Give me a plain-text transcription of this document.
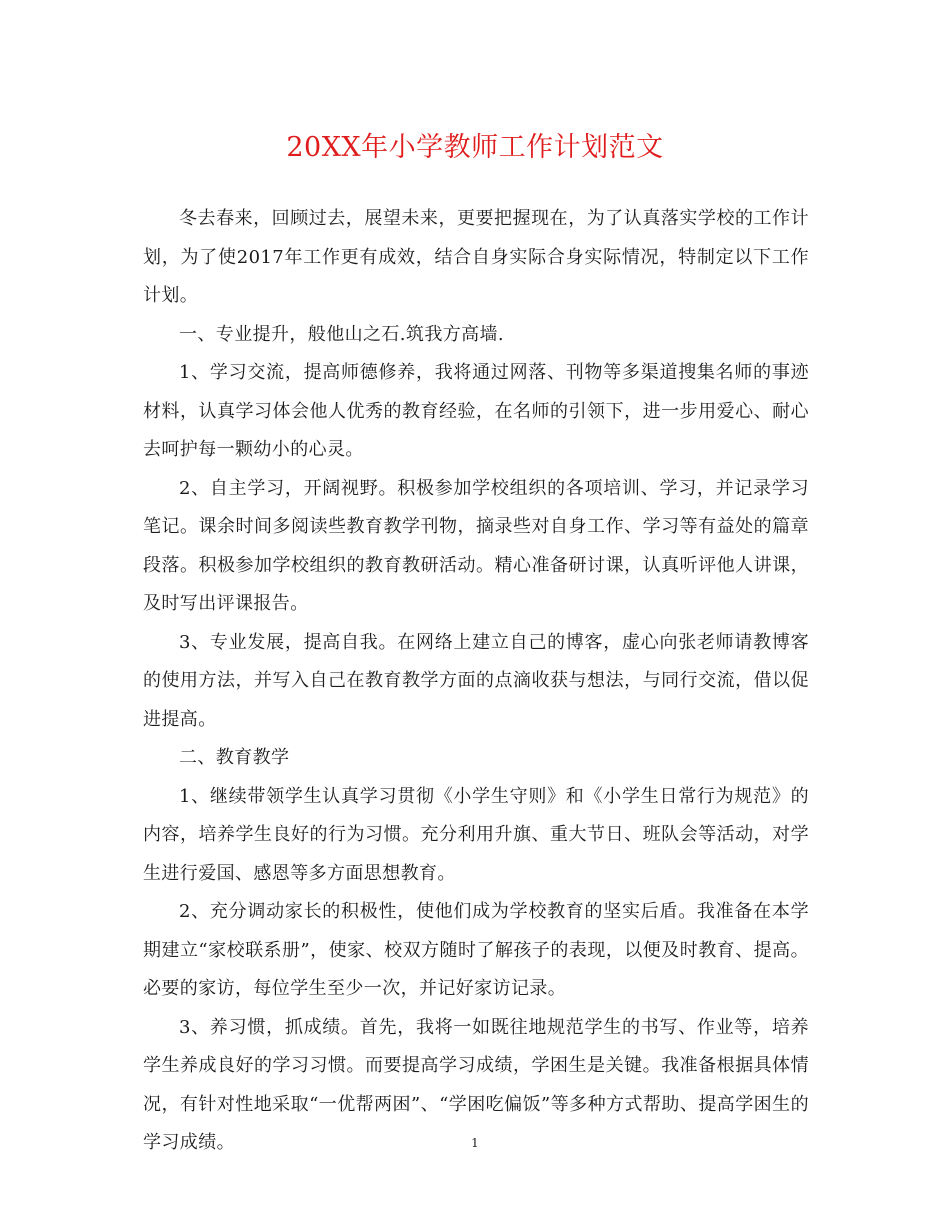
20XX年小学教师工作计划范文

冬去春来，回顾过去，展望未来，更要把握现在，为了认真落实学校的工作计划，为了使2017年工作更有成效，结合自身实际合身实际情况，特制定以下工作计划。

一、专业提升，般他山之石.筑我方高墙.

1、学习交流，提高师德修养，我将通过网落、刊物等多渠道搜集名师的事迹材料，认真学习体会他人优秀的教育经验，在名师的引领下，进一步用爱心、耐心去呵护每一颗幼小的心灵。

2、自主学习，开阔视野。积极参加学校组织的各项培训、学习，并记录学习笔记。课余时间多阅读些教育教学刊物，摘录些对自身工作、学习等有益处的篇章段落。积极参加学校组织的教育教研活动。精心准备研讨课，认真听评他人讲课，及时写出评课报告。

3、专业发展，提高自我。在网络上建立自己的博客，虚心向张老师请教博客的使用方法，并写入自己在教育教学方面的点滴收获与想法，与同行交流，借以促进提高。

二、教育教学

1、继续带领学生认真学习贯彻《小学生守则》和《小学生日常行为规范》的内容，培养学生良好的行为习惯。充分利用升旗、重大节日、班队会等活动，对学生进行爱国、感恩等多方面思想教育。

2、充分调动家长的积极性，使他们成为学校教育的坚实后盾。我准备在本学期建立“家校联系册”，使家、校双方随时了解孩子的表现，以便及时教育、提高。必要的家访，每位学生至少一次，并记好家访记录。

3、养习惯，抓成绩。首先，我将一如既往地规范学生的书写、作业等，培养学生养成良好的学习习惯。而要提高学习成绩，学困生是关键。我准备根据具体情况，有针对性地采取“一优帮两困”、“学困吃偏饭”等多种方式帮助、提高学困生的学习成绩。	1
